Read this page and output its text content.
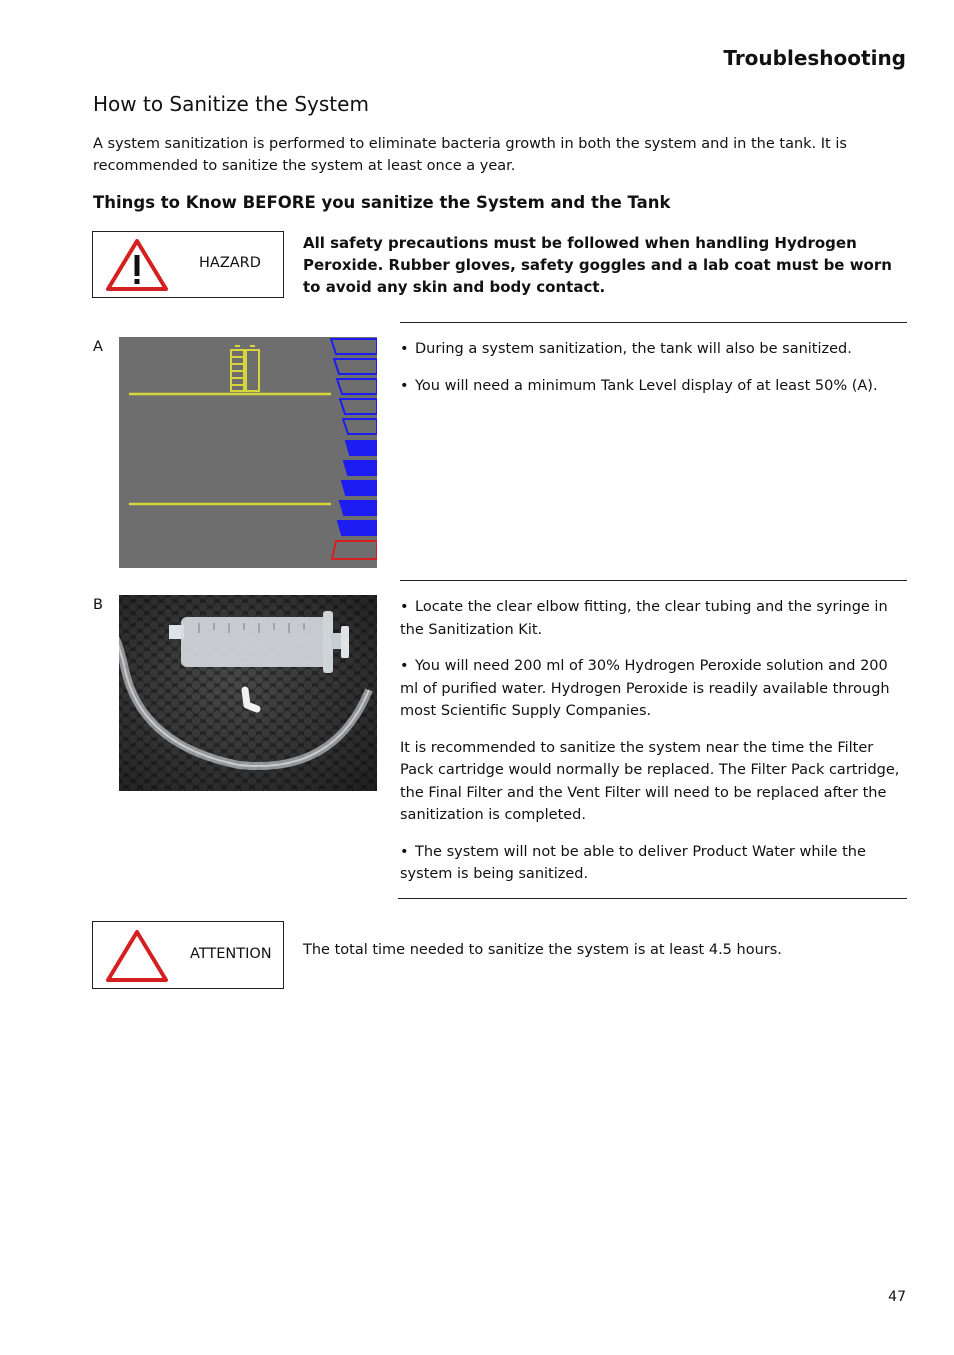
Troubleshooting
How to Sanitize the System
A system sanitization is performed to eliminate bacteria growth in both the system and in the tank. It is recommended to sanitize the system at least once a year.
Things to Know BEFORE you sanitize the System and the Tank
HAZARD
All safety precautions must be followed when handling Hydrogen Peroxide. Rubber gloves, safety goggles and a lab coat must be worn to avoid any skin and body contact.
A	• During a system sanitization, the tank will also be sanitized.
• You will need a minimum Tank Level display of at least 50% (A).
B	• Locate the clear elbow fitting, the clear tubing and the syringe in the Sanitization Kit.
• You will need 200 ml of 30% Hydrogen Peroxide solution and 200 ml of purified water. Hydrogen Peroxide is readily available through most Scientific Supply Companies.

It is recommended to sanitize the system near the time the Filter Pack cartridge would normally be replaced. The Filter Pack cartridge, the Final Filter and the Vent Filter will need to be replaced after the sanitization is completed.

• The system will not be able to deliver Product Water while the system is being sanitized.
ATTENTION The total time needed to sanitize the system is at least 4.5 hours.
47
